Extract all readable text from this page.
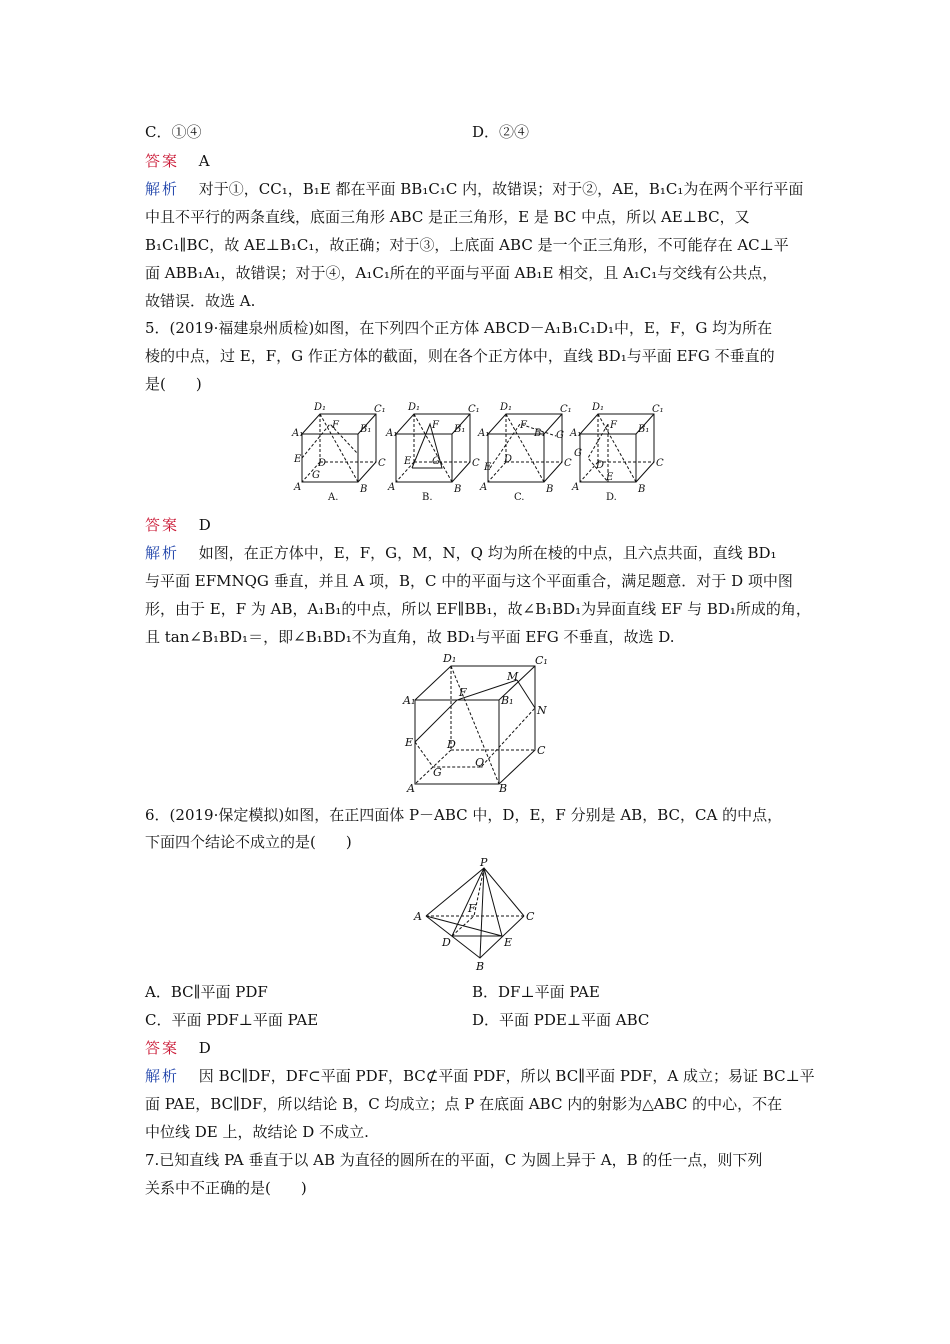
C．①④	D．②④
答案　 A
解析　 对于①，CC₁，B₁E 都在平面 BB₁C₁C 内，故错误；对于②，AE，B₁C₁为在两个平行平面
中且不平行的两条直线，底面三角形 ABC 是正三角形，E 是 BC 中点，所以 AE⊥BC，又
B₁C₁∥BC，故 AE⊥B₁C₁，故正确；对于③，上底面 ABC 是一个正三角形，不可能存在 AC⊥平
面 ABB₁A₁，故错误；对于④，A₁C₁所在的平面与平面 AB₁E 相交，且 A₁C₁与交线有公共点，
故错误．故选 A.
5．(2019·福建泉州质检)如图，在下列四个正方体 ABCD－A₁B₁C₁D₁中，E，F，G 均为所在
棱的中点，过 E，F，G 作正方体的截面，则在各个正方体中，直线 BD₁与平面 EFG 不垂直的
是(　　)
D₁	C₁
A₁	B₁
F
E D	C
G
A	B
A.
D₁	C₁
A₁	B₁
F
E G	C
A	B
B.
D₁	C₁
A₁	B₁
F
G
E
D	C
A	B
C.
D₁	C₁
A₁	B₁
F
G
D	C
E
A	B
D.
答案　 D
解析　 如图，在正方体中，E，F，G，M，N，Q 均为所在棱的中点，且六点共面，直线 BD₁
与平面 EFMNQG 垂直，并且 A 项，B，C 中的平面与这个平面重合，满足题意．对于 D 项中图
形，由于 E，F 为 AB，A₁B₁的中点，所以 EF∥BB₁，故∠B₁BD₁为异面直线 EF 与 BD₁所成的角，
且 tan∠B₁BD₁＝，即∠B₁BD₁不为直角，故 BD₁与平面 EFG 不垂直，故选 D.
D₁	C₁
A₁	B₁
F
M
N
E	D	C
G
Q
A	B
6．(2019·保定模拟)如图，在正四面体 P－ABC 中，D，E，F 分别是 AB，BC，CA 的中点，
下面四个结论不成立的是(　　)
P
A	C
F
D	E
B
A．BC∥平面 PDF	B．DF⊥平面 PAE
C．平面 PDF⊥平面 PAE	D．平面 PDE⊥平面 ABC
答案　 D
解析　 因 BC∥DF，DF⊂平面 PDF，BC⊄平面 PDF，所以 BC∥平面 PDF，A 成立；易证 BC⊥平
面 PAE，BC∥DF，所以结论 B，C 均成立；点 P 在底面 ABC 内的射影为△ABC 的中心，不在
中位线 DE 上，故结论 D 不成立.
7.已知直线 PA 垂直于以 AB 为直径的圆所在的平面，C 为圆上异于 A，B 的任一点，则下列
关系中不正确的是(　　)
